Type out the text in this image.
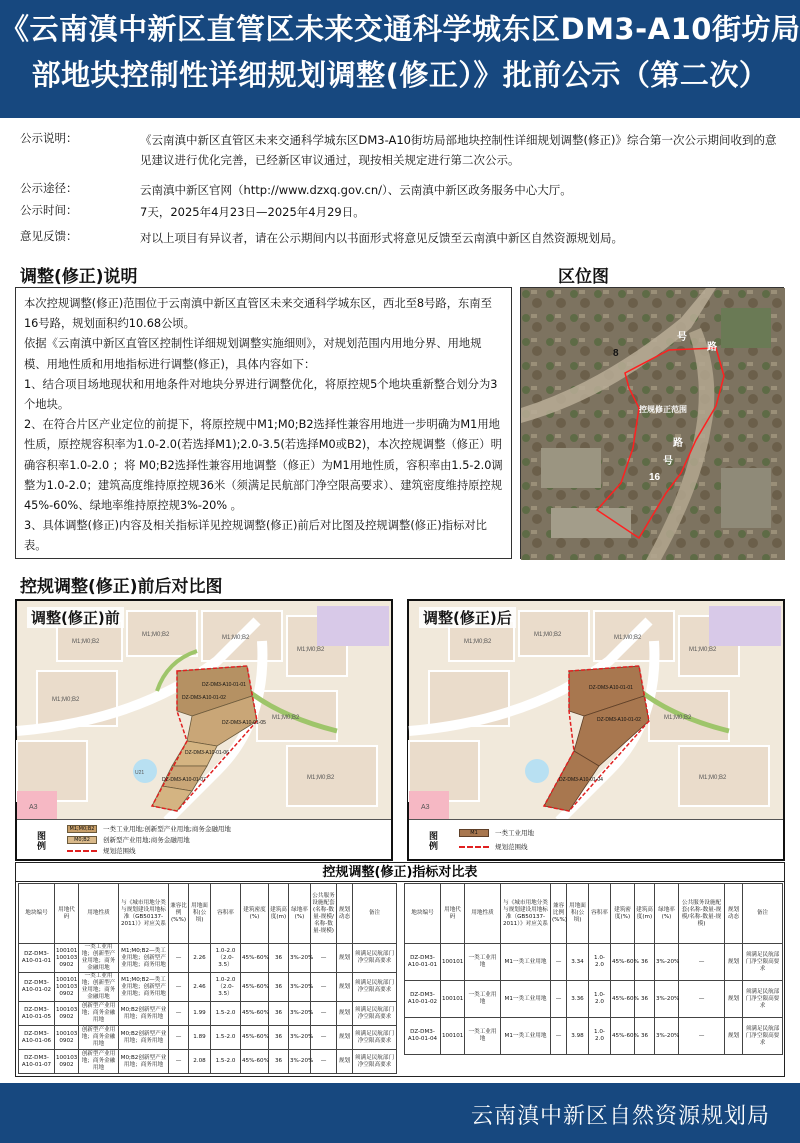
《云南滇中新区直管区未来交通科学城东区DM3-A10街坊局
部地块控制性详细规划调整(修正）》批前公示（第二次）
公示说明：	《云南滇中新区直管区未来交通科学城东区DM3-A10街坊局部地块控制性详细规划调整(修正)》综合第一次公示期间收到的意见建议进行优化完善，已经新区审议通过，现按相关规定进行第二次公示。
公示途径：	云南滇中新区官网（http://www.dzxq.gov.cn/）、云南滇中新区政务服务中心大厅。
公示时间：	7天，2025年4月23日—2025年4月29日。
意见反馈：	对以上项目有异议者，请在公示期间内以书面形式将意见反馈至云南滇中新区自然资源规划局。
调整(修正)说明	区位图
控规调整(修正)前后对比图

本次控规调整(修正)范围位于云南滇中新区直管区未来交通科学城东区，西北至8号路，东南至16号路，规划面积约10.68公顷。

依据《云南滇中新区直管区控制性详细规划调整实施细则》，对规划范围内用地分界、用地规模、用地性质和用地指标进行调整(修正)，具体内容如下：

1、结合项目场地现状和用地条件对地块分界进行调整优化，将原控规5个地块重新整合划分为3个地块。

2、在符合片区产业定位的前提下，将原控规中M1;M0;B2选择性兼容用地进一步明确为M1用地性质，原控规容积率为1.0-2.0(若选择M1);2.0-3.5(若选择M0或B2)，本次控规调整（修正）明确容积率1.0-2.0 ；将 M0;B2选择性兼容用地调整（修正）为M1用地性质，容积率由1.5-2.0调整为1.0-2.0；建筑高度维持原控规36米（须满足民航部门净空限高要求）、建筑密度维持原控规45%-60%、绿地率维持原控规3%-20% 。

3、具体调整(修正)内容及相关指标详见控规调整(修正)前后对比图及控规调整(修正)指标对比表。

8
号
路
路
号
16
控规修正范围
调整(修正)前
DZ-DM3-A10-01-01
DZ-DM3-A10-01-02
DZ-DM3-A10-01-05
DZ-DM3-A10-01-06
DZ-DM3-A10-01-07
M1;M0;B2
M1;M0;B2	M1;M0;B2
M1;M0;B2
M1;M0;B2
M1;M0;B2
M1;M0;B2
A3
U21
图例
M1;M0;B2	一类工业用地;创新型产业用地;商务金融用地
M0;B2	创新型产业用地;商务金融用地
规划范围线
调整(修正)后
DZ-DM3-A10-01-01
DZ-DM3-A10-01-02
DZ-DM3-A10-01-04
M1;M0;B2
M1;M0;B2	M1;M0;B2
M1;M0;B2
M1;M0;B2
M1;M0;B2
A3
图例
M1	一类工业用地
规划范围线
控规调整(修正)指标对比表
地块编号	用地代码	用地性质	与《城市用地分类与规划建设用地标准（GB50137-2011）》对应关系	兼容比例(%%)	用地面积(公顷)	容积率	建筑密度(%)	建筑高度(m)	绿地率(%)	公共服务设施配套(名称-数量-规模/名称-数量-规模)	规划动态	备注
DZ-DM3-A10-01-01	100101 100103 0902	一类工业用地；创新型产业用地；商务金融用地	M1;M0;B2—类工业用地；创新型产业用地；商务用地	—	2.26	1.0-2.0（2.0-3.5）	45%-60%	36	3%-20%	—	规划	须满足民航部门净空限高要求
DZ-DM3-A10-01-02	100101 100103 0902	一类工业用地；创新型产业用地；商务金融用地	M1;M0;B2—类工业用地；创新型产业用地；商务用地	—	2.46	1.0-2.0（2.0-3.5）	45%-60%	36	3%-20%	—	规划	须满足民航部门净空限高要求
DZ-DM3-A10-01-05	100103 0902	创新型产业用地；商务金融用地	M0;B2创新型产业用地；商务用地	—	1.99	1.5-2.0	45%-60%	36	3%-20%	—	规划	须满足民航部门净空限高要求
DZ-DM3-A10-01-06	100103 0902	创新型产业用地；商务金融用地	M0;B2创新型产业用地；商务用地	—	1.89	1.5-2.0	45%-60%	36	3%-20%	—	规划	须满足民航部门净空限高要求
DZ-DM3-A10-01-07	100103 0902	创新型产业用地；商务金融用地	M0;B2创新型产业用地；商务用地	—	2.08	1.5-2.0	45%-60%	36	3%-20%	—	规划	须满足民航部门净空限高要求
地块编号	用地代码	用地性质	与《城市用地分类与规划建设用地标准（GB50137-2011）》对应关系	兼容比例(%%)	用地面积(公顷)	容积率	建筑密度(%)	建筑高度(m)	绿地率(%)	公共服务设施配套(名称-数量-规模/名称-数量-规模)	规划动态	备注
DZ-DM3-A10-01-01	100101	一类工业用地	M1一类工业用地	—	3.34	1.0-2.0	45%-60%	36	3%-20%	—	规划	须满足民航部门净空限高要求
DZ-DM3-A10-01-02	100101	一类工业用地	M1一类工业用地	—	3.36	1.0-2.0	45%-60%	36	3%-20%	—	规划	须满足民航部门净空限高要求
DZ-DM3-A10-01-04	100101	一类工业用地	M1一类工业用地	—	3.98	1.0-2.0	45%-60%	36	3%-20%	—	规划	须满足民航部门净空限高要求
云南滇中新区自然资源规划局
